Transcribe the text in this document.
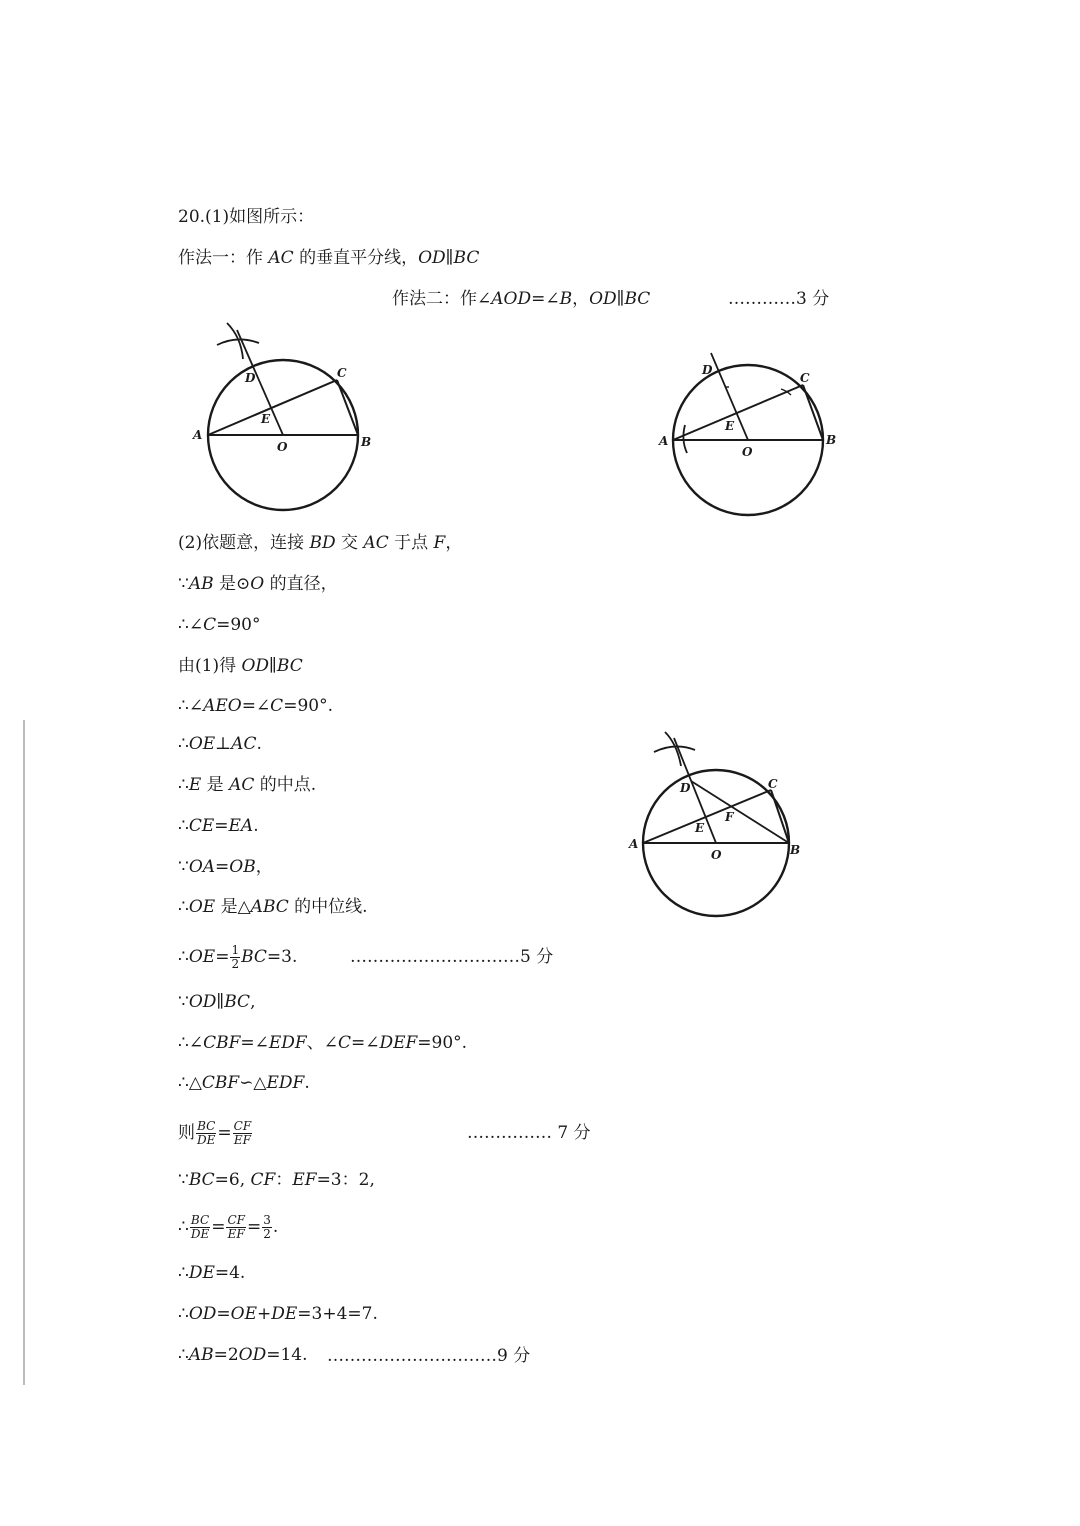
20.(1)如图所示：
作法一：作 AC 的垂直平分线，OD∥BC
作法二：作∠AOD=∠B，OD∥BC	…………3 分
A	B
C
D
E
O	A	B
C
D
E
O
(2)依题意，连接 BD 交 AC 于点 F，
∵AB 是⊙O 的直径，
∴∠C=90°
由(1)得 OD∥BC
∴∠AEO=∠C=90°.
∴OE⊥AC.
∴E 是 AC 的中点.
∴CE=EA.
∵OA=OB，
∴OE 是△ABC 的中位线.
∴OE= $\frac{1}{2} BC=3$.	…………………………5 分
A	B
C
D
E
F
O
∵OD∥BC,
∴∠CBF=∠EDF、∠C=∠DEF=90°.
∴△CBF∽△EDF.
则 $\frac{BC}{DE} = \frac{CF}{EF}$	…………… 7 分
∵BC=6, CF：EF=3：2,
∴ $\frac{BC}{DE} = \frac{CF}{EF} = \frac{3}{2}$ .
∴DE=4.
∴OD=OE+DE=3+4=7.
∴AB=2OD=14. …………………………9 分
